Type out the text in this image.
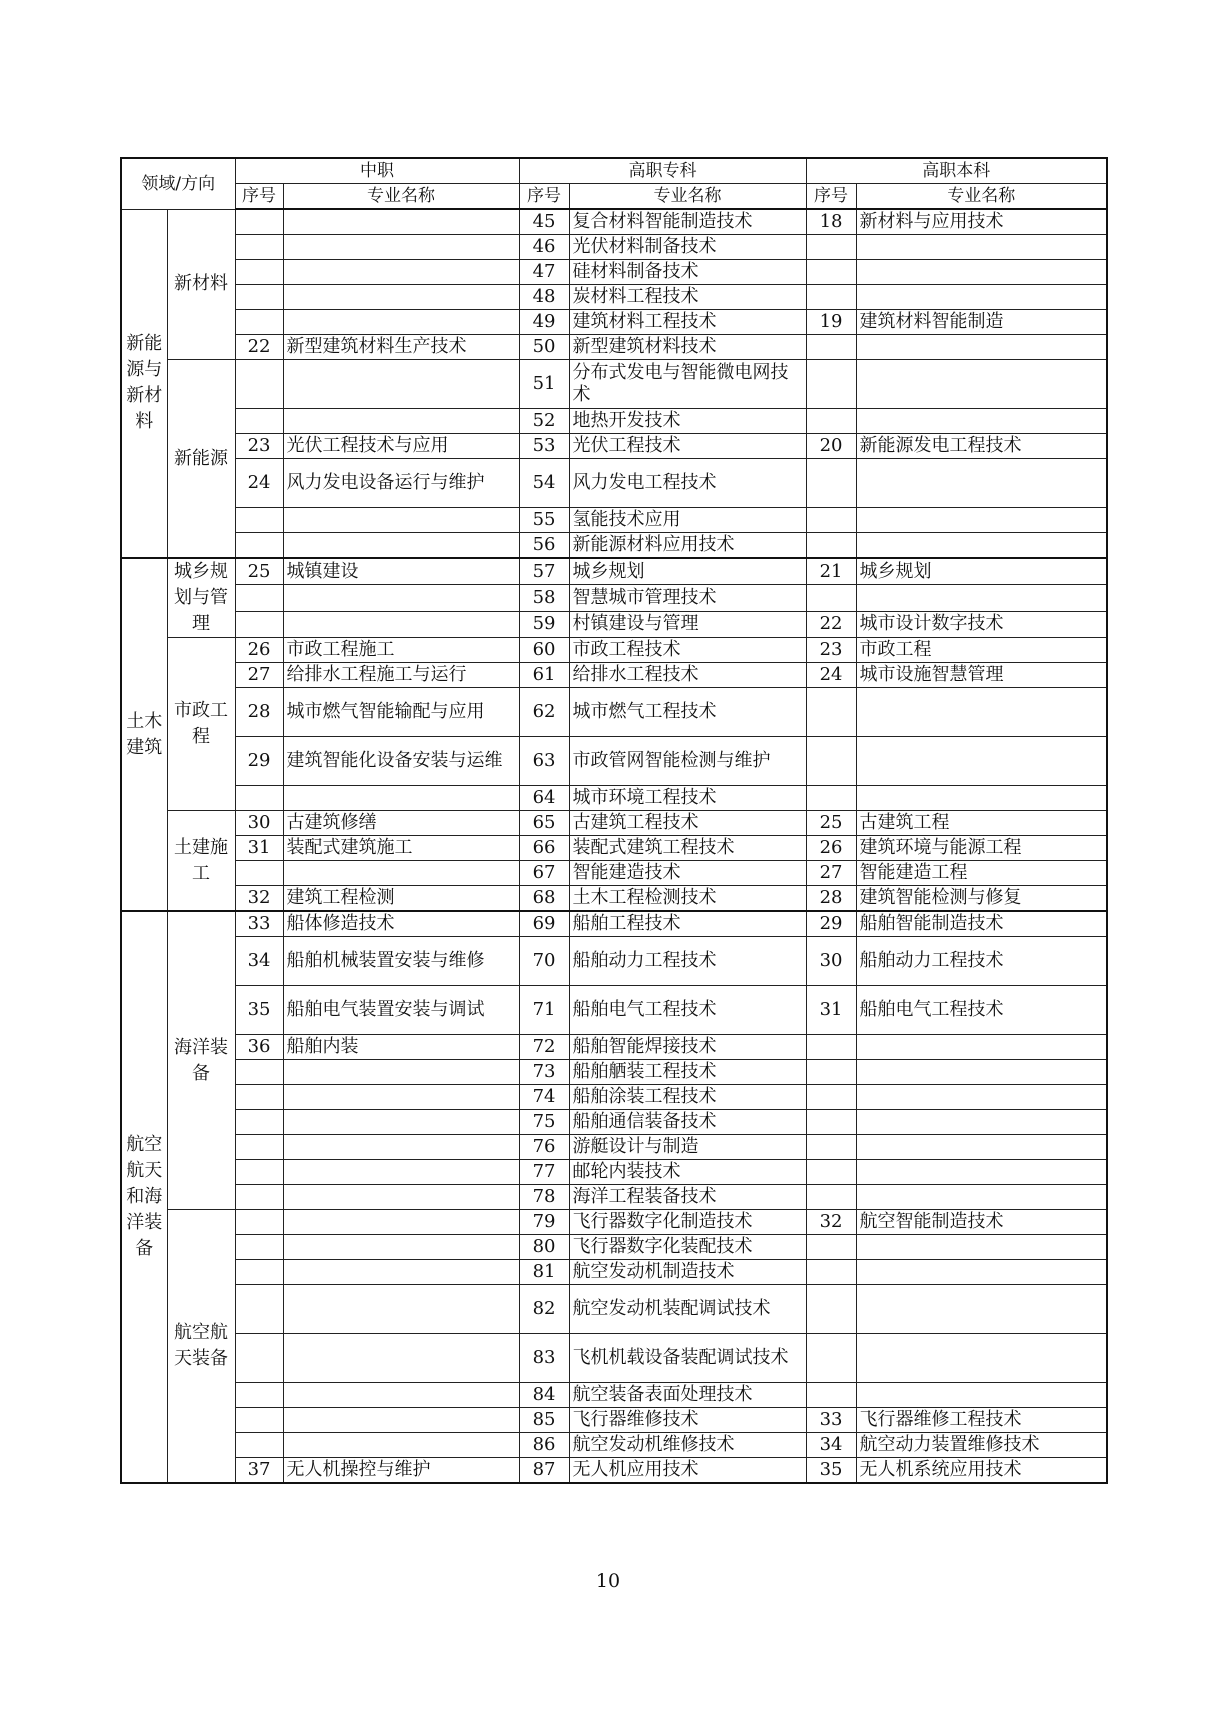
领域/方向		中职		高职专科		高职本科	
		序号	专业名称	序号	专业名称	序号	专业名称
新能
源与
新材
料	新材料			45	复合材料智能制造技术	18	新材料与应用技术
				46	光伏材料制备技术		
				47	硅材料制备技术		
				48	炭材料工程技术		
				49	建筑材料工程技术	19	建筑材料智能制造
		22	新型建筑材料生产技术	50	新型建筑材料技术		
	新能源			51	分布式发电与智能微电网技术		
				52	地热开发技术		
		23	光伏工程技术与应用	53	光伏工程技术	20	新能源发电工程技术
		24	风力发电设备运行与维护	54	风力发电工程技术		
				55	氢能技术应用		
				56	新能源材料应用技术		
土木
建筑	城乡规
划与管
理	25	城镇建设	57	城乡规划	21	城乡规划
				58	智慧城市管理技术		
				59	村镇建设与管理	22	城市设计数字技术
	市政工
程	26	市政工程施工	60	市政工程技术	23	市政工程
		27	给排水工程施工与运行	61	给排水工程技术	24	城市设施智慧管理
		28	城市燃气智能输配与应用	62	城市燃气工程技术		
		29	建筑智能化设备安装与运维	63	市政管网智能检测与维护		
				64	城市环境工程技术		
	土建施
工	30	古建筑修缮	65	古建筑工程技术	25	古建筑工程
		31	装配式建筑施工	66	装配式建筑工程技术	26	建筑环境与能源工程
				67	智能建造技术	27	智能建造工程
		32	建筑工程检测	68	土木工程检测技术	28	建筑智能检测与修复
航空
航天
和海
洋装
备	海洋装
备	33	船体修造技术	69	船舶工程技术	29	船舶智能制造技术
		34	船舶机械装置安装与维修	70	船舶动力工程技术	30	船舶动力工程技术
		35	船舶电气装置安装与调试	71	船舶电气工程技术	31	船舶电气工程技术
		36	船舶内装	72	船舶智能焊接技术		
				73	船舶舾装工程技术		
				74	船舶涂装工程技术		
				75	船舶通信装备技术		
				76	游艇设计与制造		
				77	邮轮内装技术		
				78	海洋工程装备技术		
	航空航
天装备			79	飞行器数字化制造技术	32	航空智能制造技术
				80	飞行器数字化装配技术		
				81	航空发动机制造技术		
				82	航空发动机装配调试技术		
				83	飞机机载设备装配调试技术		
				84	航空装备表面处理技术		
				85	飞行器维修技术	33	飞行器维修工程技术
				86	航空发动机维修技术	34	航空动力装置维修技术
		37	无人机操控与维护	87	无人机应用技术	35	无人机系统应用技术
10
